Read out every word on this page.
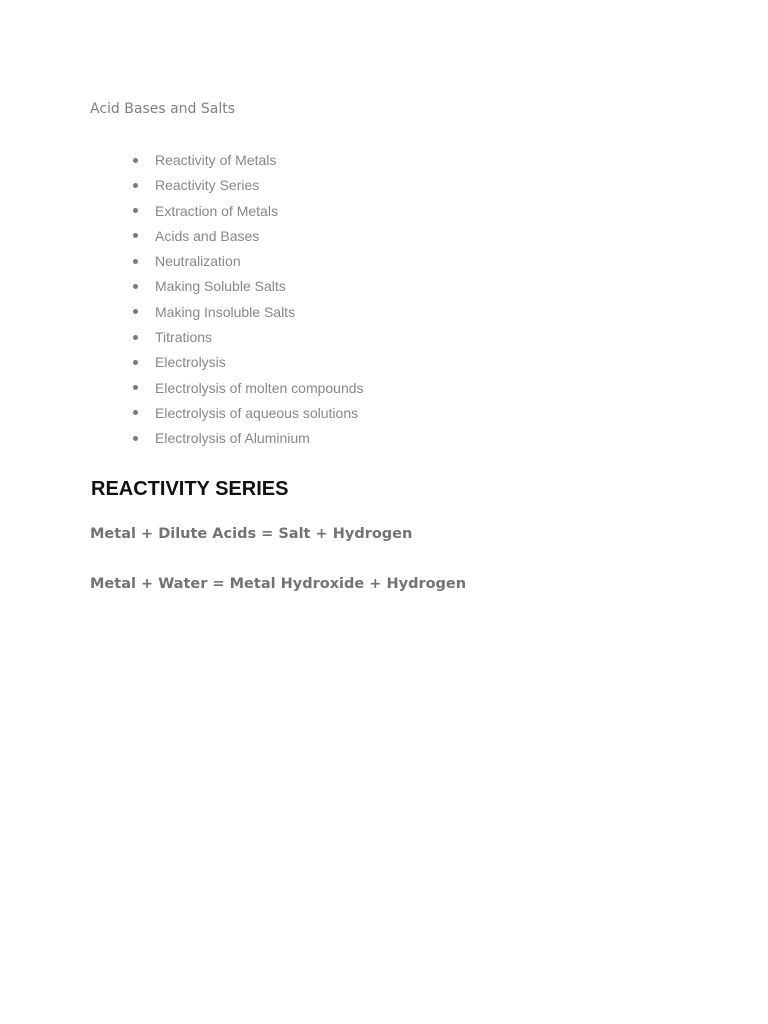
Acid Bases and Salts
Reactivity of Metals
Reactivity Series
Extraction of Metals
Acids and Bases
Neutralization
Making Soluble Salts
Making Insoluble Salts
Titrations
Electrolysis
Electrolysis of molten compounds
Electrolysis of aqueous solutions
Electrolysis of Aluminium
REACTIVITY SERIES

Metal + Dilute Acids = Salt + Hydrogen

Metal + Water = Metal Hydroxide + Hydrogen
